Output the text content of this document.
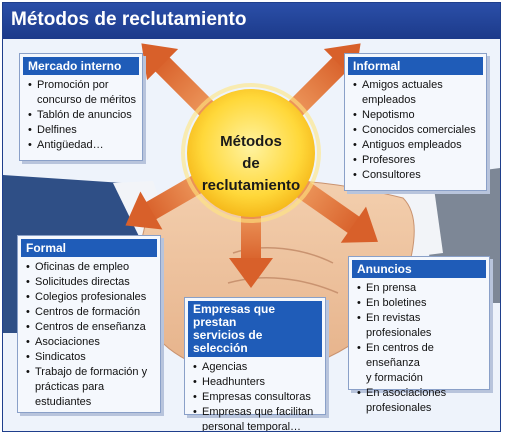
Métodos de reclutamiento
Métodos
de
reclutamiento
Mercado interno
• Promoción por
concurso de méritos
• Tablón de anuncios
• Delfines
• Antigüedad…
Informal
• Amigos actuales
empleados
• Nepotismo
• Conocidos comerciales
• Antiguos empleados
• Profesores
• Consultores
Formal
• Oficinas de empleo
• Solicitudes directas
• Colegios profesionales
• Centros de formación
• Centros de enseñanza
• Asociaciones
• Sindicatos
• Trabajo de formación y
prácticas para
estudiantes
Empresas que prestan
servicios de selección
• Agencias
• Headhunters
• Empresas consultoras
• Empresas que facilitan
personal temporal…
Anuncios
• En prensa
• En boletines
• En revistas profesionales
• En centros de enseñanza
y formación
• En asociaciones
profesionales
